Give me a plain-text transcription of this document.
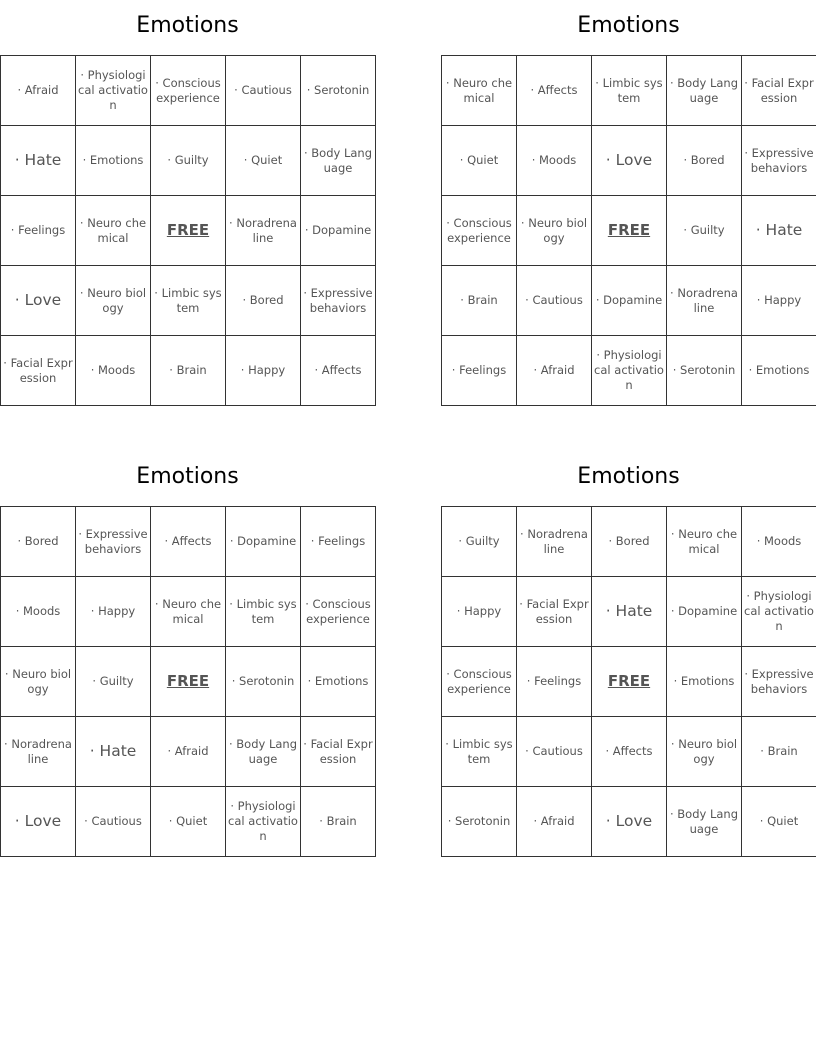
Emotions
· Afraid	· Physiological activation	· Conscious experience	· Cautious	· Serotonin
· Hate	· Emotions	· Guilty	· Quiet	· Body Language
· Feelings	· Neuro chemical	FREE	· Noradrenaline	· Dopamine
· Love	· Neuro biology	· Limbic system	· Bored	· Expressive behaviors
· Facial Expression	· Moods	· Brain	· Happy	· Affects
Emotions
· Neuro chemical	· Affects	· Limbic system	· Body Language	· Facial Expression
· Quiet	· Moods	· Love	· Bored	· Expressive behaviors
· Conscious experience	· Neuro biology	FREE	· Guilty	· Hate
· Brain	· Cautious	· Dopamine	· Noradrenaline	· Happy
· Feelings	· Afraid	· Physiological activation	· Serotonin	· Emotions
Emotions
· Bored	· Expressive behaviors	· Affects	· Dopamine	· Feelings
· Moods	· Happy	· Neuro chemical	· Limbic system	· Conscious experience
· Neuro biology	· Guilty	FREE	· Serotonin	· Emotions
· Noradrenaline	· Hate	· Afraid	· Body Language	· Facial Expression
· Love	· Cautious	· Quiet	· Physiological activation	· Brain
Emotions
· Guilty	· Noradrenaline	· Bored	· Neuro chemical	· Moods
· Happy	· Facial Expression	· Hate	· Dopamine	· Physiological activation
· Conscious experience	· Feelings	FREE	· Emotions	· Expressive behaviors
· Limbic system	· Cautious	· Affects	· Neuro biology	· Brain
· Serotonin	· Afraid	· Love	· Body Language	· Quiet
